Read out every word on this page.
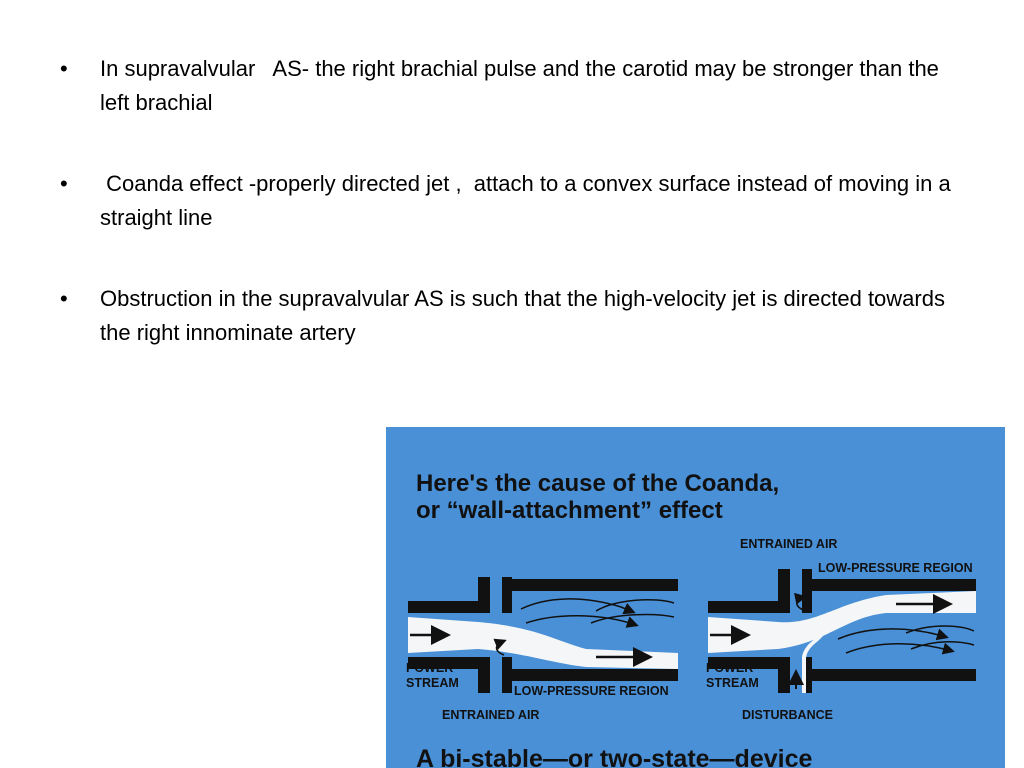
• In supravalvular   AS- the right brachial pulse and the carotid may be stronger than the left brachial
• Coanda effect -properly directed jet ,  attach to a convex surface instead of moving in a straight line
• Obstruction in the supravalvular AS is such that the high-velocity jet is directed towards the right innominate artery
Here's the cause of the Coanda,
or “wall-attachment” effect
POWER
STREAM
LOW-PRESSURE REGION
ENTRAINED AIR
ENTRAINED AIR
LOW-PRESSURE REGION
POWER
STREAM
DISTURBANCE
A bi-stable—or two-state—device
